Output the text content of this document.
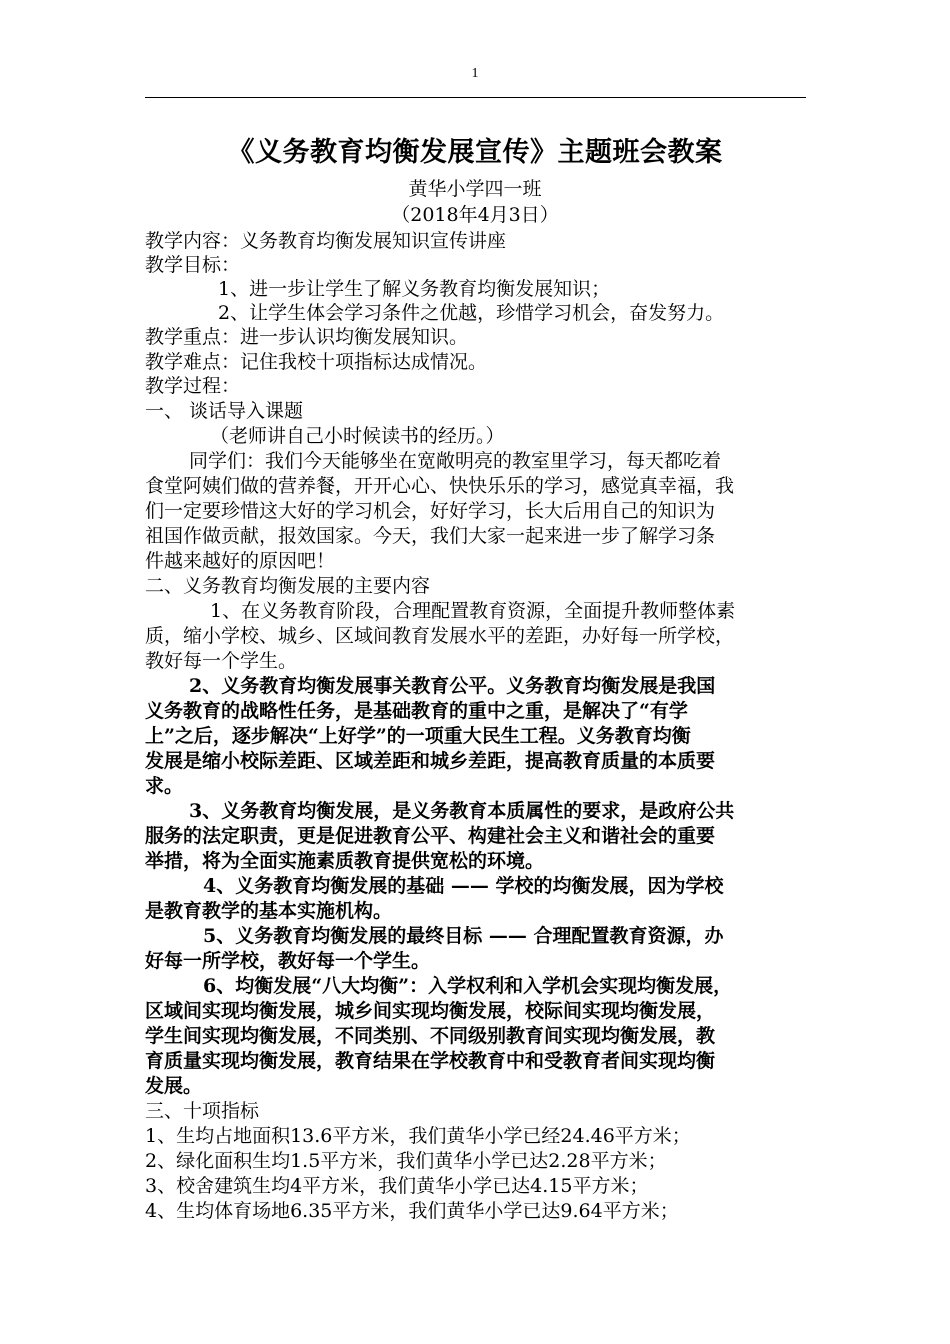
1
《义务教育均衡发展宣传》主题班会教案
黄华小学四一班
（2018年4月3日）
教学内容：义务教育均衡发展知识宣传讲座
教学目标：
1、进一步让学生了解义务教育均衡发展知识；
2、让学生体会学习条件之优越，珍惜学习机会，奋发努力。
教学重点：进一步认识均衡发展知识。
教学难点：记住我校十项指标达成情况。
教学过程：
一、 谈话导入课题
（老师讲自己小时候读书的经历。）
同学们：我们今天能够坐在宽敞明亮的教室里学习，每天都吃着
食堂阿姨们做的营养餐，开开心心、快快乐乐的学习，感觉真幸福，我
们一定要珍惜这大好的学习机会，好好学习，长大后用自己的知识为
祖国作做贡献，报效国家。今天，我们大家一起来进一步了解学习条
件越来越好的原因吧！
二、义务教育均衡发展的主要内容
1、在义务教育阶段，合理配置教育资源，全面提升教师整体素
质，缩小学校、城乡、区域间教育发展水平的差距，办好每一所学校，
教好每一个学生。
2、义务教育均衡发展事关教育公平。义务教育均衡发展是我国
义务教育的战略性任务，是基础教育的重中之重，是解决了“有学
上”之后，逐步解决“上好学”的一项重大民生工程。义务教育均衡
发展是缩小校际差距、区域差距和城乡差距，提高教育质量的本质要
求。
3、义务教育均衡发展，是义务教育本质属性的要求，是政府公共
服务的法定职责，更是促进教育公平、构建社会主义和谐社会的重要
举措，将为全面实施素质教育提供宽松的环境。
4、义务教育均衡发展的基础 —— 学校的均衡发展，因为学校
是教育教学的基本实施机构。
5、义务教育均衡发展的最终目标 —— 合理配置教育资源，办
好每一所学校，教好每一个学生。
6、均衡发展“八大均衡”：入学权利和入学机会实现均衡发展，
区域间实现均衡发展，城乡间实现均衡发展，校际间实现均衡发展，
学生间实现均衡发展，不同类别、不同级别教育间实现均衡发展，教
育质量实现均衡发展，教育结果在学校教育中和受教育者间实现均衡
发展。
三、十项指标
1、生均占地面积13.6平方米，我们黄华小学已经24.46平方米；
2、绿化面积生均1.5平方米，我们黄华小学已达2.28平方米；
3、校舍建筑生均4平方米，我们黄华小学已达4.15平方米；
4、生均体育场地6.35平方米，我们黄华小学已达9.64平方米；
